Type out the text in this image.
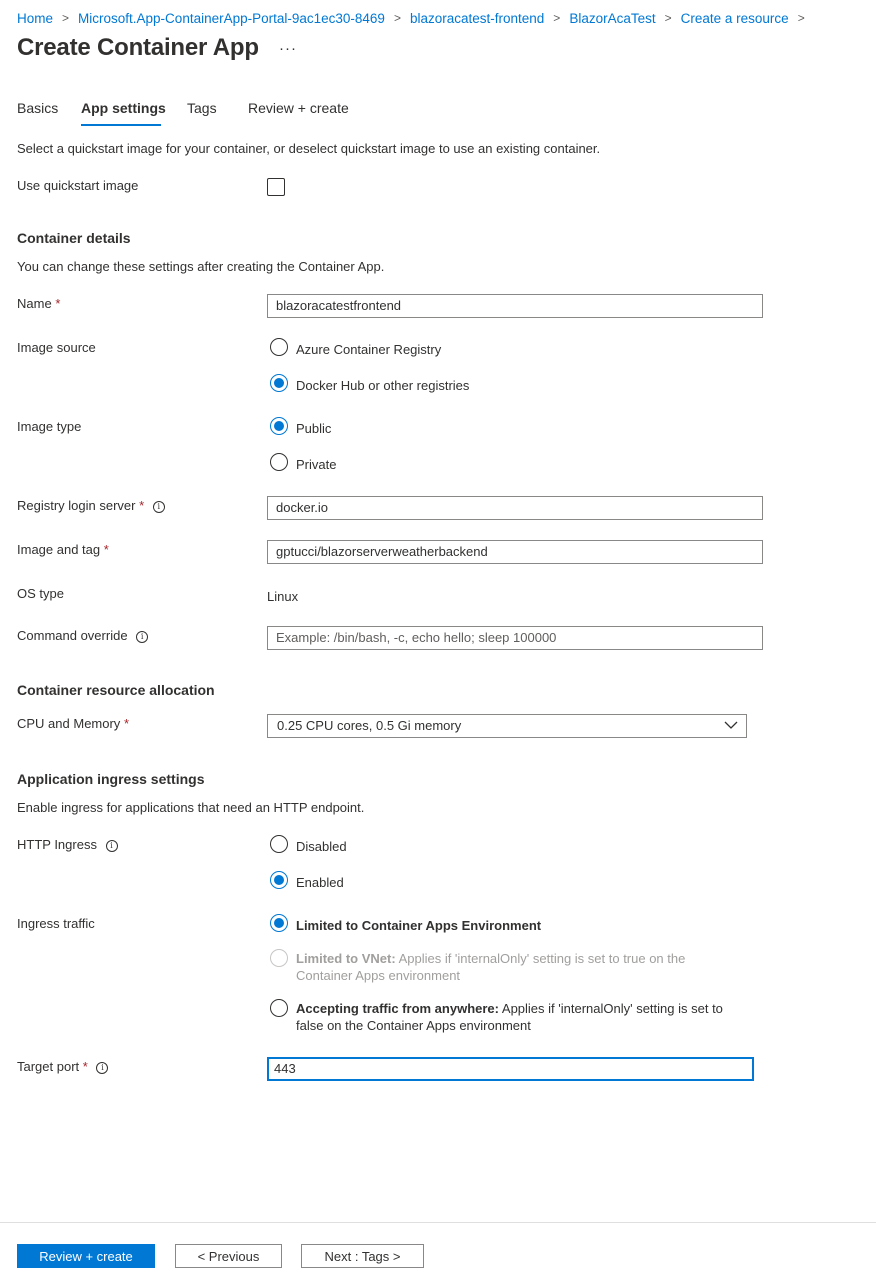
Home > Microsoft.App-ContainerApp-Portal-9ac1ec30-8469 > blazoracatest-frontend > BlazorAcaTest > Create a resource >
Create Container App ···
Basics App settings Tags Review + create
Select a quickstart image for your container, or deselect quickstart image to use an existing container.
Use quickstart image
Container details
You can change these settings after creating the Container App.
Name *
blazoracatestfrontend
Image source	Azure Container Registry
Docker Hub or other registries
Image type	Public
Private
Registry login server * i
docker.io
Image and tag *
gptucci/blazorserverweatherbackend
OS type	Linux
Command override i
Example: /bin/bash, -c, echo hello; sleep 100000
Container resource allocation
CPU and Memory *	0.25 CPU cores, 0.5 Gi memory
Application ingress settings
Enable ingress for applications that need an HTTP endpoint.
HTTP Ingress i	Disabled
Enabled
Ingress traffic	Limited to Container Apps Environment
Limited to VNet: Applies if 'internalOnly' setting is set to true on the
Container Apps environment
Accepting traffic from anywhere: Applies if 'internalOnly' setting is set to
false on the Container Apps environment
Target port * i
443
Review + create	< Previous	Next : Tags >
